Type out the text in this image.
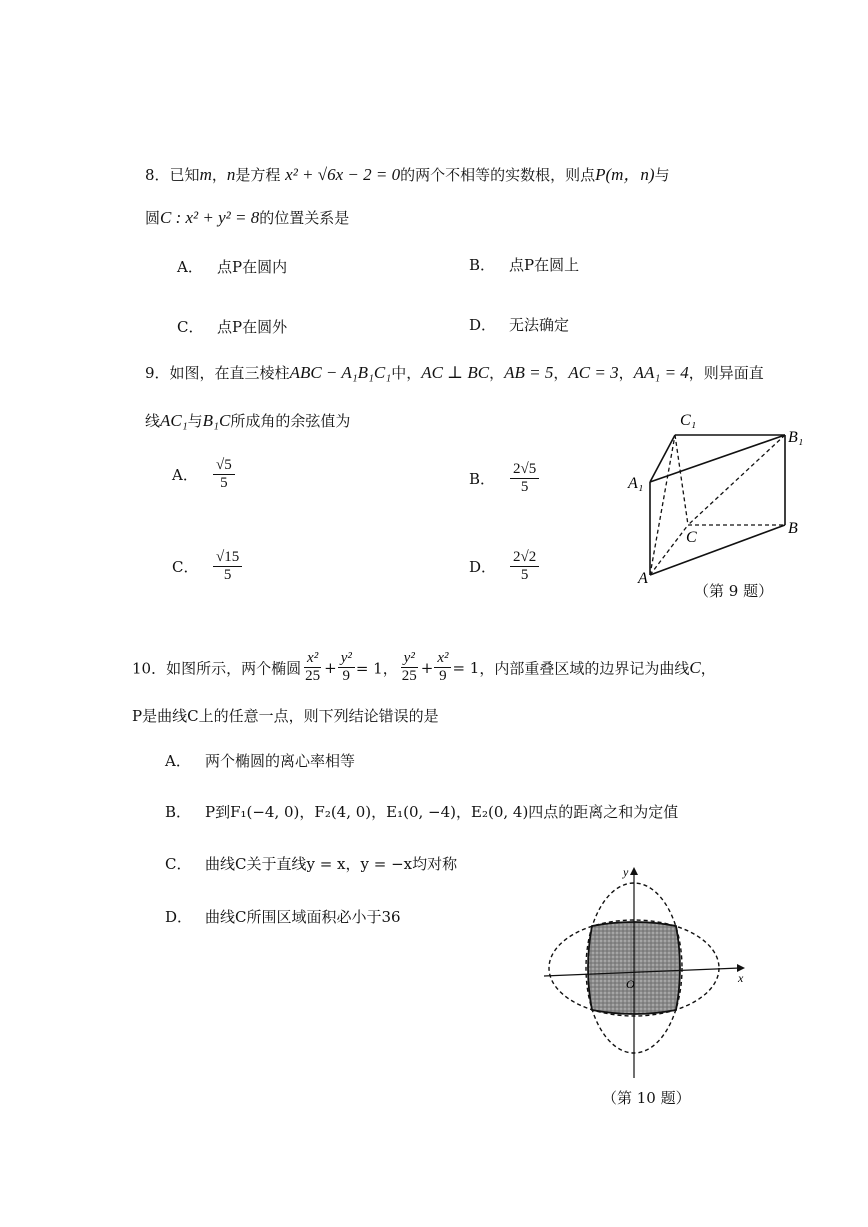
8．已知m，n是方程 x² + √6x − 2 = 0的两个不相等的实数根，则点P(m，n)与
圆C : x² + y² = 8的位置关系是
A． 点P在圆内	B． 点P在圆上
C． 点P在圆外	D． 无法确定
9．如图，在直三棱柱ABC − A₁B₁C₁中，AC ⊥ BC，AB = 5，AC = 3，AA₁ = 4，则异面直
线AC₁与B₁C所成角的余弦值为
A． $\frac{√5}{5}$	B． $\frac{2√5}{5}$
C． $\frac{√15}{5}$	D． $\frac{2√2}{5}$
C₁
B₁
A₁
C
B
A
（第 9 题）
10．如图所示，两个椭圆 $\frac{\text{x²}}{25} + \frac{\text{y²}}{9} = 1$， $\frac{\text{y²}}{25} + \frac{\text{x²}}{9} = 1$，内部重叠区域的边界记为曲线C，
P是曲线C上的任意一点，则下列结论错误的是
A． 两个椭圆的离心率相等
B． P到F₁(−4, 0)，F₂(4, 0)，E₁(0, −4)，E₂(0, 4)四点的距离之和为定值
C． 曲线C关于直线y = x，y = −x均对称
D． 曲线C所围区域面积必小于36
x
y
O
（第 10 题）
